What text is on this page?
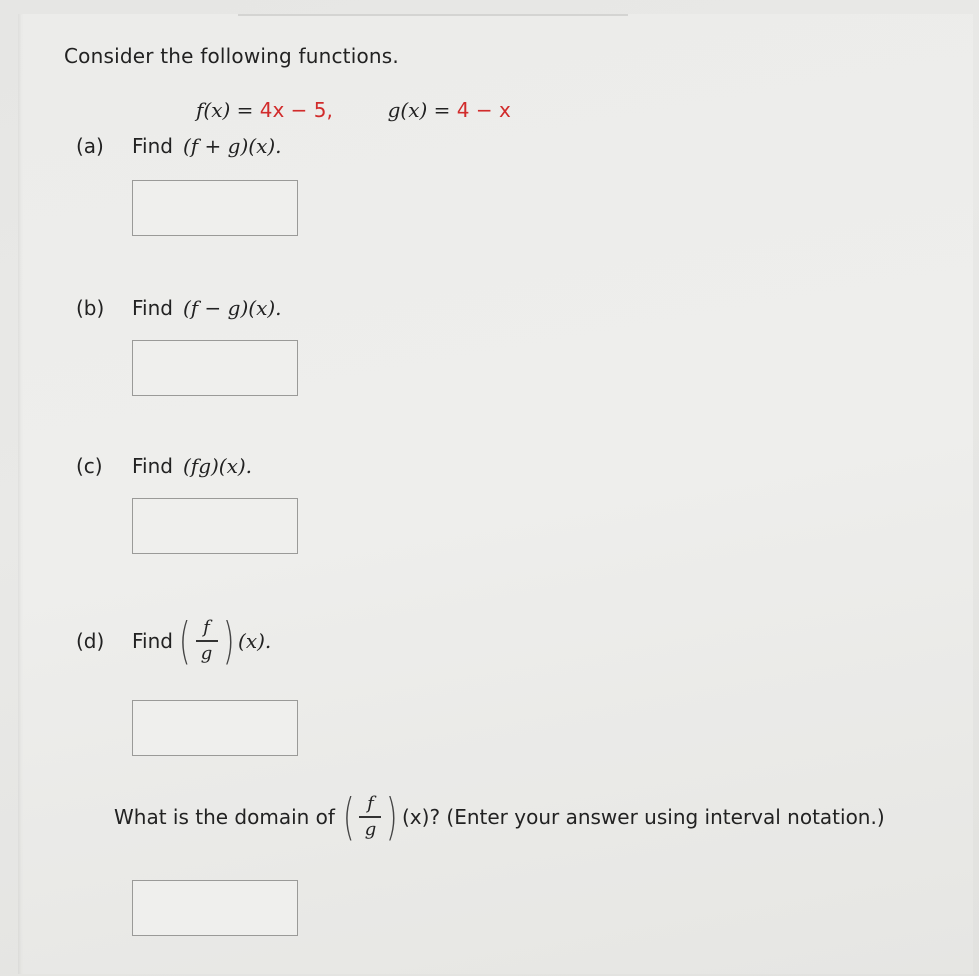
Consider the following functions.
f(x) = 4x − 5,	g(x) = 4 − x
(a)	Find (f + g)(x).
(b)	Find (f − g)(x).
(c)	Find (fg)(x).
(d)	Find ( $\frac{f}{g}$ ) (x).
What is the domain of ( $\frac{f}{g}$ ) (x)? (Enter your answer using interval notation.)
